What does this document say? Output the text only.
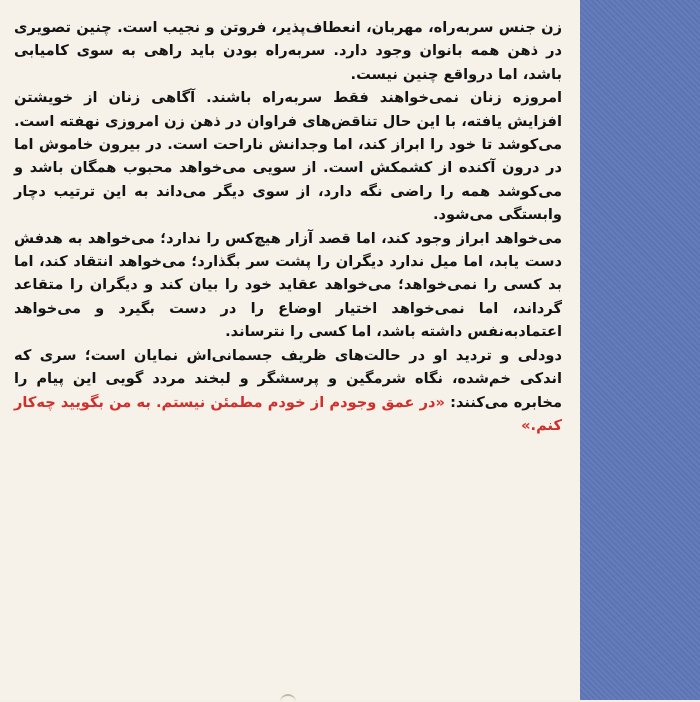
زن جنس سربه‌راه، مهربان، انعطاف‌پذیر، فروتن و نجیب است. چنین تصویری در ذهن همه بانوان وجود دارد. سربه‌راه بودن باید راهی به سوی کامیابی باشد، اما درواقع چنین نیست.

امروزه زنان نمی‌خواهند فقط سربه‌راه باشند. آگاهی زنان از خویشتن افزایش یافته، با این حال تناقض‌های فراوان در ذهن زن امروزی نهفته است. می‌کوشد تا خود را ابراز کند، اما وجدانش ناراحت است. در بیرون خاموش اما در درون آکنده از کشمکش است. از سویی می‌خواهد محبوب همگان باشد و می‌کوشد همه را راضی نگه دارد، از سوی دیگر می‌داند به این ترتیب دچار وابستگی می‌شود.

می‌خواهد ابراز وجود کند، اما قصد آزار هیچ‌کس را ندارد؛ می‌خواهد به هدفش دست یابد، اما میل ندارد دیگران را پشت سر بگذارد؛ می‌خواهد انتقاد کند، اما بد کسی را نمی‌خواهد؛ می‌خواهد عقاید خود را بیان کند و دیگران را متقاعد گرداند، اما نمی‌خواهد اختیار اوضاع را در دست بگیرد و می‌خواهد اعتمادبه‌نفس داشته باشد، اما کسی را نترساند.

دودلی و تردید او در حالت‌های ظریف جسمانی‌اش نمایان است؛ سری که اندکی خم‌شده، نگاه شرمگین و پرسشگر و لبخند مردد گویی این پیام را مخابره می‌کنند: «در عمق وجودم از خودم مطمئن نیستم. به من بگویید چه‌کار کنم.»
